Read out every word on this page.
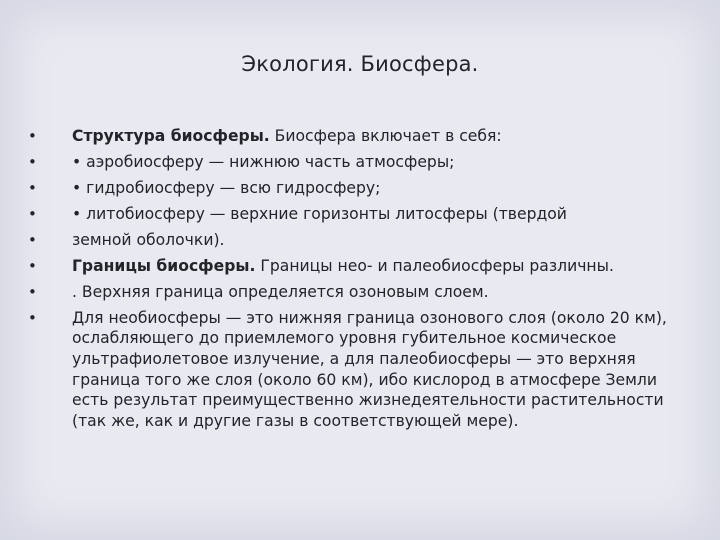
Экология. Биосфера.
• Структура биосферы. Биосфера включает в себя:
• • аэробиосферу — нижнюю часть атмосферы;
• • гидробиосферу — всю гидросферу;
• • литобиосферу — верхние горизонты литосферы (твердой
• земной оболочки).
• Границы биосферы. Границы нео- и палеобиосферы различны.
• . Верхняя граница определяется озоновым слоем.
• Для необиосферы — это нижняя граница озонового слоя (около 20 км), ослабляющего до приемлемого уровня губительное космическое ультрафиолетовое излучение, а для палеобиосферы — это верхняя граница того же слоя (около 60 км), ибо кислород в атмосфере Земли есть результат преимущественно жизнедеятельности растительности (так же, как и другие газы в соответствующей мере).
